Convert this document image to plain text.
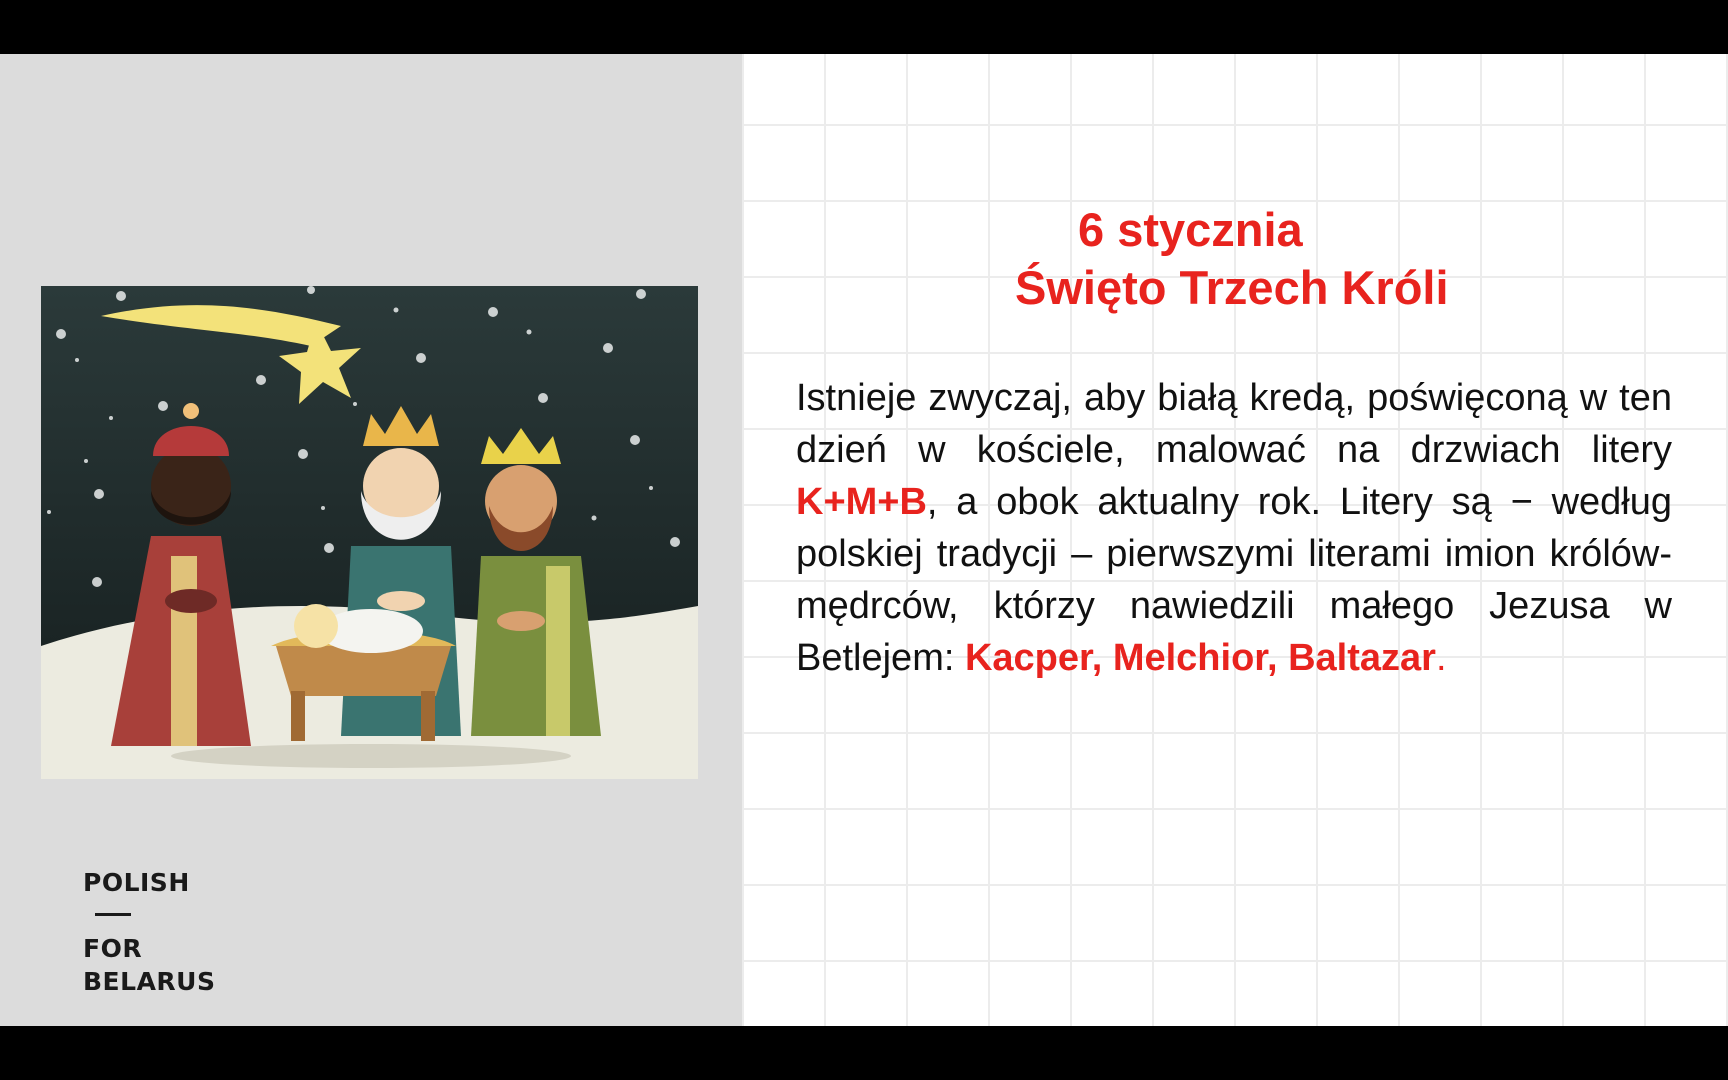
POLISH
FOR
BELARUS
6 stycznia
Święto Trzech Króli
Istnieje zwyczaj, aby białą kredą, poświęconą w ten dzień w kościele, malować na drzwiach litery K+M+B, a obok aktualny rok. Litery są − według polskiej tradycji – pierwszymi literami imion królów-mędrców, którzy nawiedzili małego Jezusa w Betlejem: Kacper, Melchior, Baltazar.
